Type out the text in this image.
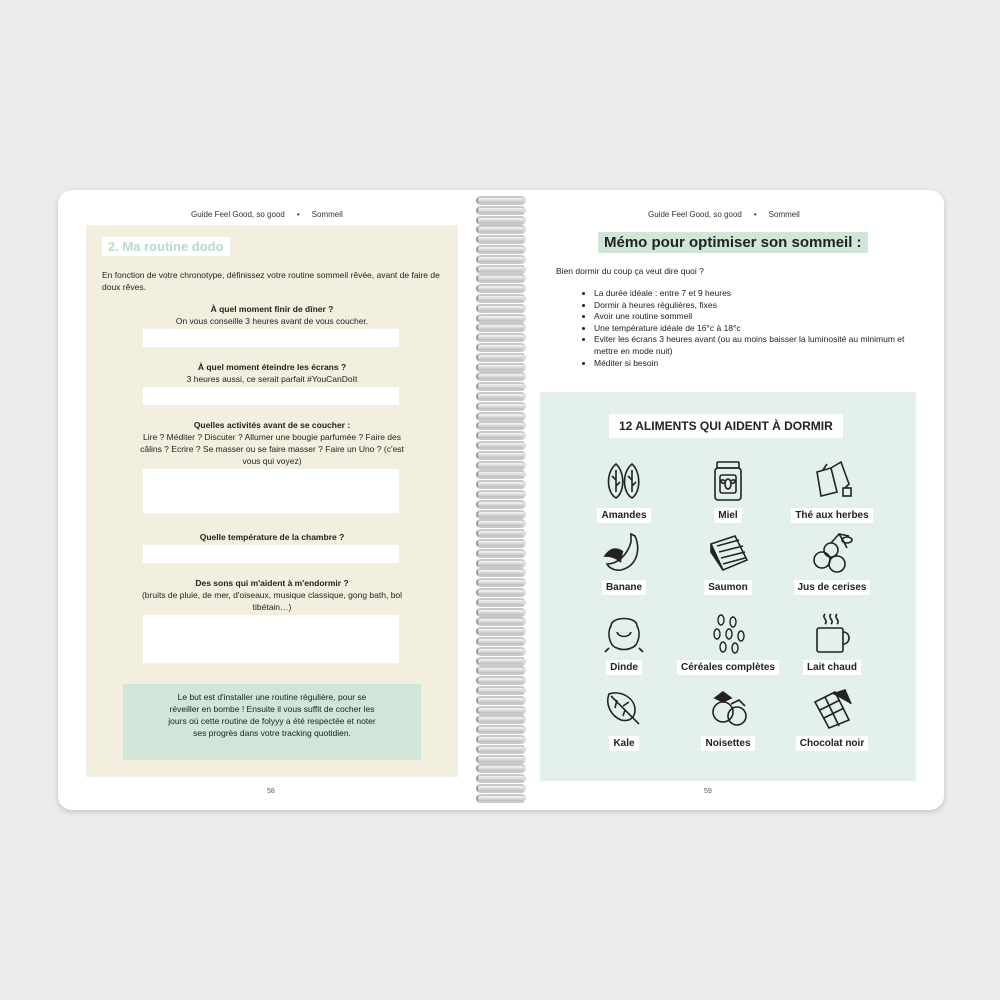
Guide Feel Good, so good • Sommeil
2. Ma routine dodo
En fonction de votre chronotype, définissez votre routine sommeil rêvée, avant de faire de doux rêves.
À quel moment finir de dîner ?
On vous conseille 3 heures avant de vous coucher.
À quel moment éteindre les écrans ?
3 heures aussi, ce serait parfait #YouCanDoIt
Quelles activités avant de se coucher :
Lire ? Méditer ? Discuter ? Allumer une bougie parfumée ? Faire des câlins ? Ecrire ? Se masser ou se faire masser ? Faire un Uno ? (c'est vous qui voyez)
Quelle température de la chambre ?
Des sons qui m'aident à m'endormir ?
(bruits de pluie, de mer, d'oiseaux, musique classique, gong bath, bol tibétain…)
Le but est d'installer une routine régulière, pour se réveiller en bombe ! Ensuite il vous suffit de cocher les jours où cette routine de folyyy a été respectée et noter ses progrès dans votre tracking quotidien.
58
Guide Feel Good, so good • Sommeil
Mémo pour optimiser son sommeil :
Bien dormir du coup ça veut dire quoi ?
• La durée idéale : entre 7 et 9 heures
• Dormir à heures régulières, fixes
• Avoir une routine sommeil
• Une température idéale de 16°c à 18°c
• Eviter les écrans 3 heures avant (ou au moins baisser la luminosité au minimum et mettre en mode nuit)
• Méditer si besoin
12 ALIMENTS QUI AIDENT À DORMIR
Amandes	Miel	Thé aux herbes
Banane	Saumon	Jus de cerises
Dinde	Céréales complètes	Lait chaud
Kale	Noisettes	Chocolat noir
59
